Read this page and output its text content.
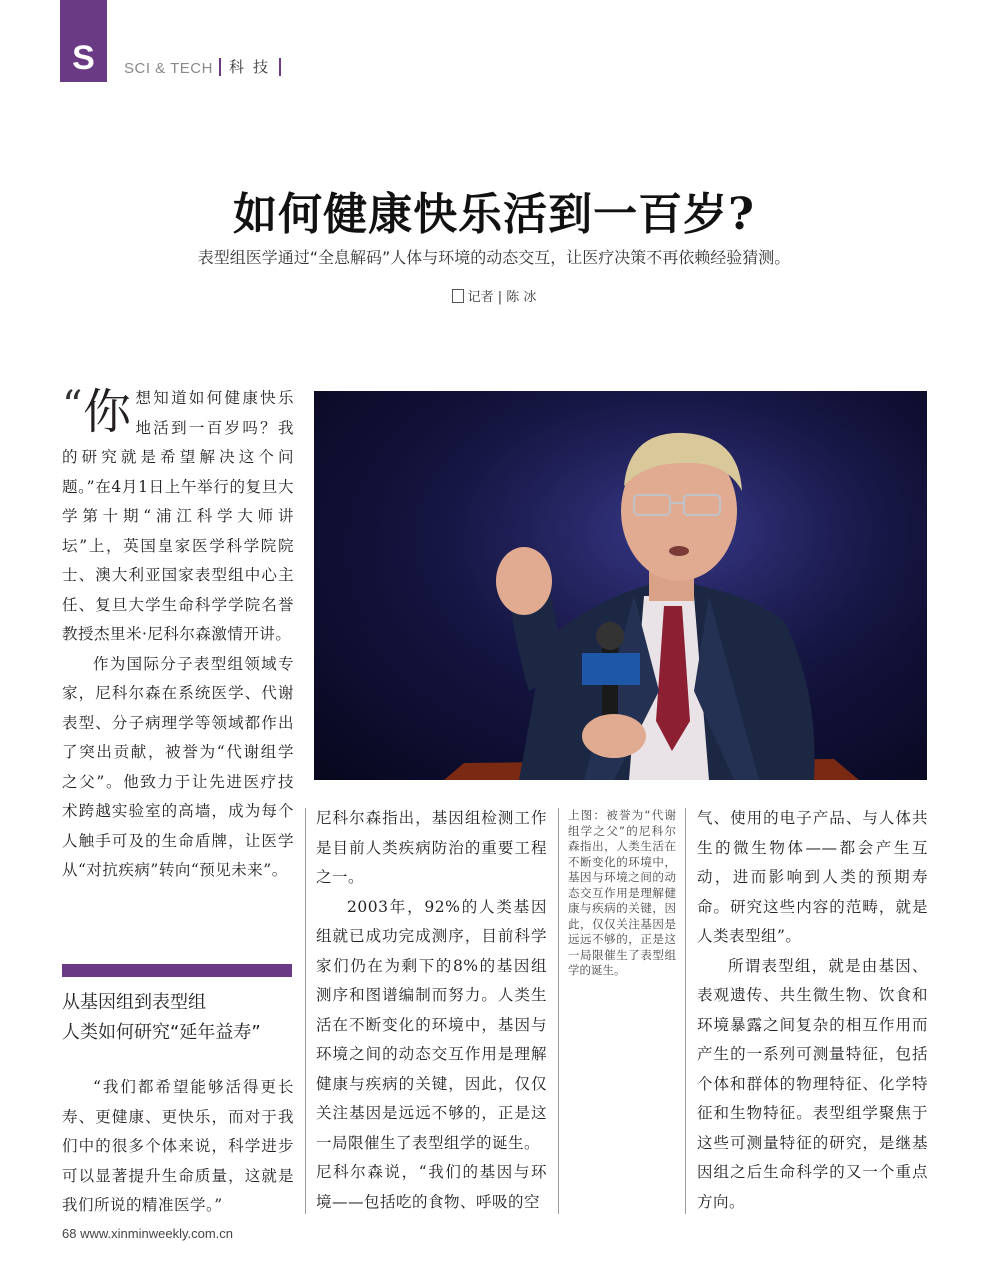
S SCI & TECH	科技
如何健康快乐活到一百岁?
表型组医学通过“全息解码”人体与环境的动态交互，让医疗决策不再依赖经验猜测。
记者 | 陈 冰

“ 你 想知道如何健康快乐地活到一百岁吗？我的研究就是希望解决这个问题。”在4月1日上午举行的复旦大学第十期“浦江科学大师讲坛”上，英国皇家医学科学院院士、澳大利亚国家表型组中心主任、复旦大学生命科学学院名誉教授杰里米·尼科尔森激情开讲。

作为国际分子表型组领域专家，尼科尔森在系统医学、代谢表型、分子病理学等领域都作出了突出贡献，被誉为“代谢组学之父”。他致力于让先进医疗技术跨越实验室的高墙，成为每个人触手可及的生命盾牌，让医学从“对抗疾病”转向“预见未来”。

从基因组到表型组
人类如何研究“延年益寿”

“我们都希望能够活得更长寿、更健康、更快乐，而对于我们中的很多个体来说，科学进步可以显著提升生命质量，这就是我们所说的精准医学。”

尼科尔森指出，基因组检测工作是目前人类疾病防治的重要工程之一。

2003年，92%的人类基因组就已成功完成测序，目前科学家们仍在为剩下的8%的基因组测序和图谱编制而努力。人类生活在不断变化的环境中，基因与环境之间的动态交互作用是理解健康与疾病的关键，因此，仅仅关注基因是远远不够的，正是这一局限催生了表型组学的诞生。

尼科尔森说，“我们的基因与环境——包括吃的食物、呼吸的空

上图：被誉为“代谢组学之父”的尼科尔森指出，人类生活在不断变化的环境中，基因与环境之间的动态交互作用是理解健康与疾病的关键，因此，仅仅关注基因是远远不够的，正是这一局限催生了表型组学的诞生。

气、使用的电子产品、与人体共生的微生物体——都会产生互动，进而影响到人类的预期寿命。研究这些内容的范畴，就是人类表型组”。

所谓表型组，就是由基因、表观遗传、共生微生物、饮食和环境暴露之间复杂的相互作用而产生的一系列可测量特征，包括个体和群体的物理特征、化学特征和生物特征。表型组学聚焦于这些可测量特征的研究，是继基因组之后生命科学的又一个重点方向。

68 www.xinminweekly.com.cn
